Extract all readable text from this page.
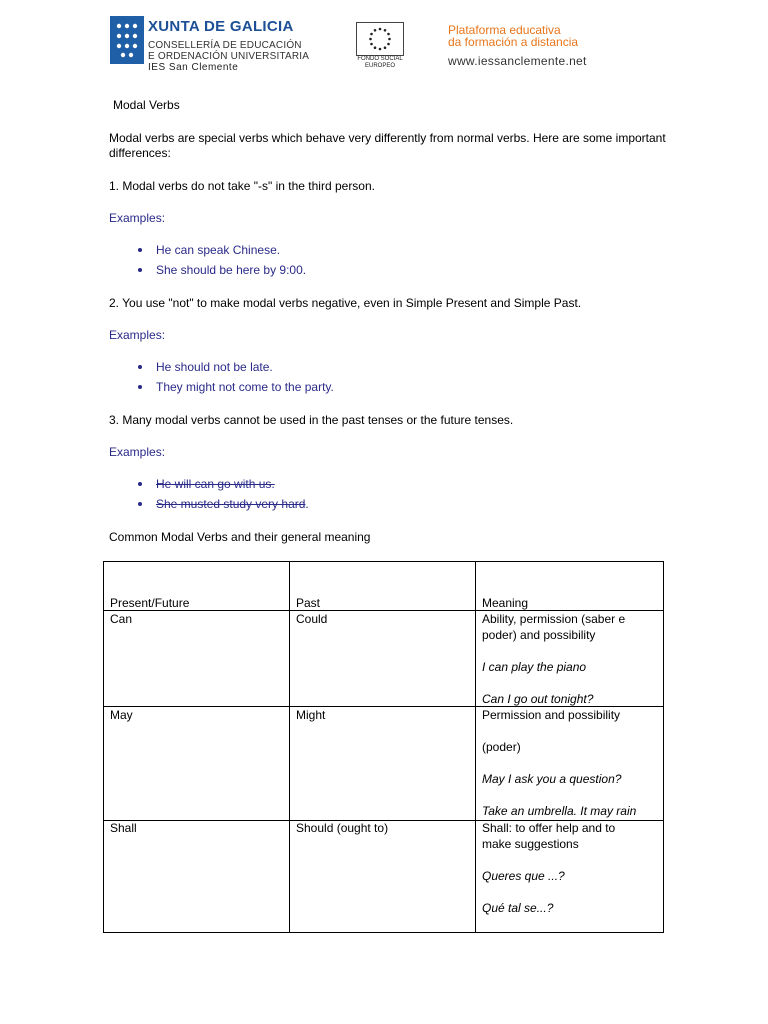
XUNTA DE GALICIA
CONSELLERÍA DE EDUCACIÓN
E ORDENACIÓN UNIVERSITARIA
IES San Clemente
FONDO SOCIAL
EUROPEO
Plataforma educativa
da formación a distancia
www.iessanclemente.net
Modal Verbs
Modal verbs are special verbs which behave very differently from normal verbs. Here are some important differences:
1. Modal verbs do not take "-s" in the third person.
Examples:
He can speak Chinese.
She should be here by 9:00.
2. You use "not" to make modal verbs negative, even in Simple Present and Simple Past.
Examples:
He should not be late.
They might not come to the party.
3. Many modal verbs cannot be used in the past tenses or the future tenses.
Examples:
He will can go with us.
She musted study very hard.
Common Modal Verbs and their general meaning
Present/Future	Past	Meaning
Can	Could	Ability, permission (saber e poder) and possibility
I can play the piano
Can I go out tonight?
May	Might	Permission and possibility
(poder)
May I ask you a question?
Take an umbrella. It may rain
Shall	Should (ought to)	Shall: to offer help and to make suggestions
Queres que ...?
Qué tal se...?
